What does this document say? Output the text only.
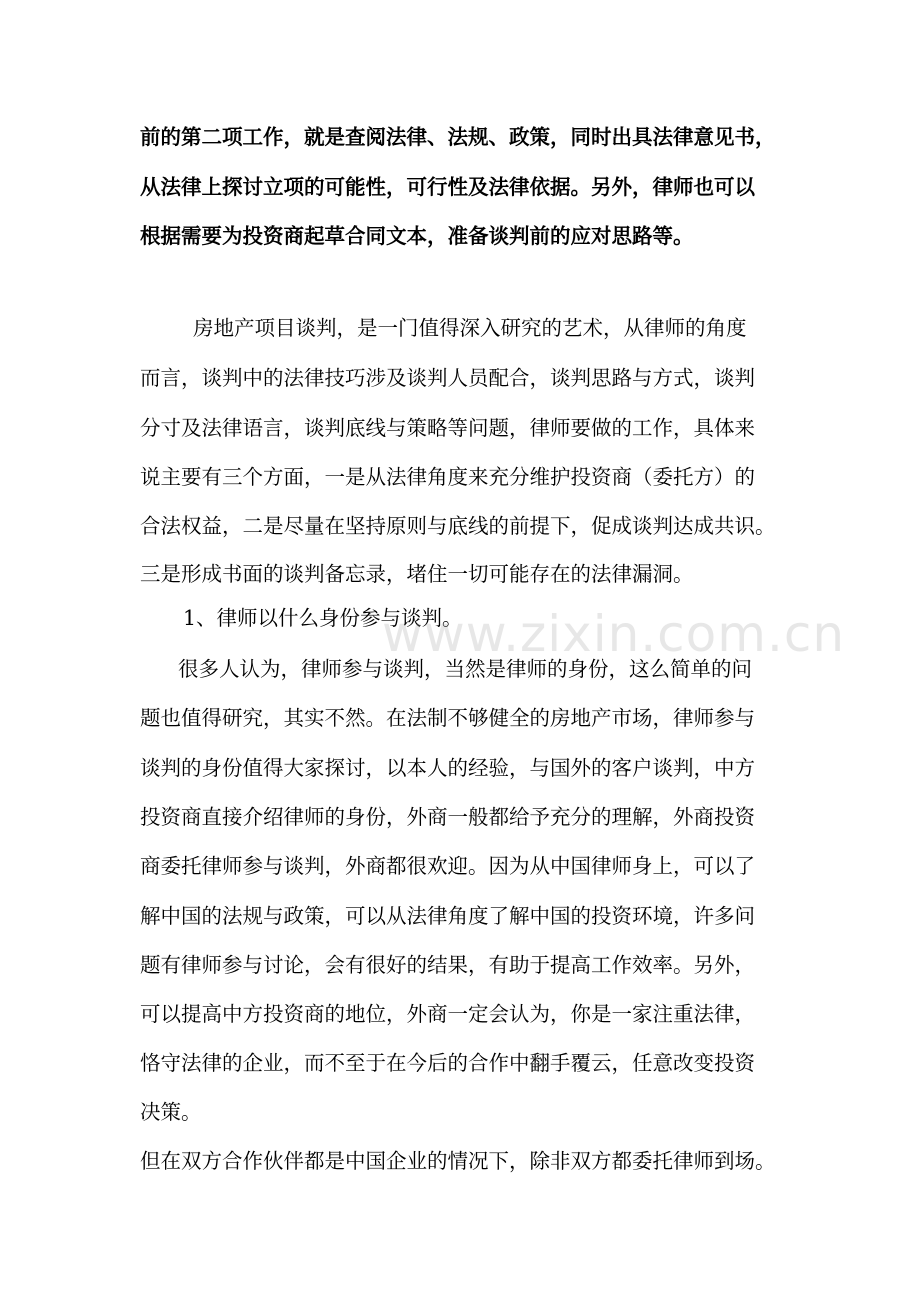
前的第二项工作，就是查阅法律、法规、政策，同时出具法律意见书，
从法律上探讨立项的可能性，可行性及法律依据。另外，律师也可以
根据需要为投资商起草合同文本，准备谈判前的应对思路等。
房地产项目谈判，是一门值得深入研究的艺术，从律师的角度
而言，谈判中的法律技巧涉及谈判人员配合，谈判思路与方式，谈判
分寸及法律语言，谈判底线与策略等问题，律师要做的工作，具体来
说主要有三个方面，一是从法律角度来充分维护投资商（委托方）的
合法权益，二是尽量在坚持原则与底线的前提下，促成谈判达成共识。
三是形成书面的谈判备忘录，堵住一切可能存在的法律漏洞。
1、律师以什么身份参与谈判。
很多人认为，律师参与谈判，当然是律师的身份，这么简单的问
题也值得研究，其实不然。在法制不够健全的房地产市场，律师参与
谈判的身份值得大家探讨，以本人的经验，与国外的客户谈判，中方
投资商直接介绍律师的身份，外商一般都给予充分的理解，外商投资
商委托律师参与谈判，外商都很欢迎。因为从中国律师身上，可以了
解中国的法规与政策，可以从法律角度了解中国的投资环境，许多问
题有律师参与讨论，会有很好的结果，有助于提高工作效率。另外，
可以提高中方投资商的地位，外商一定会认为，你是一家注重法律，
恪守法律的企业，而不至于在今后的合作中翻手覆云，任意改变投资
决策。
但在双方合作伙伴都是中国企业的情况下，除非双方都委托律师到场。
www.zixin.com.cn
